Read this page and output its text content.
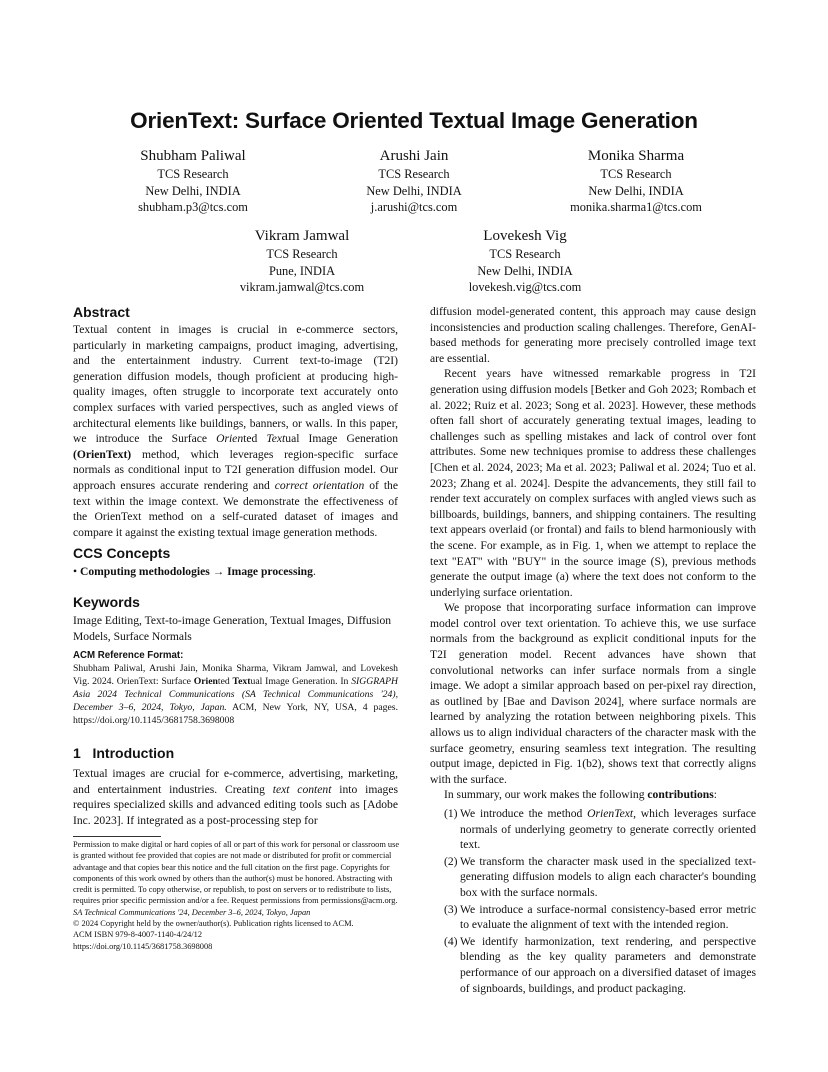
OrienText: Surface Oriented Textual Image Generation
Shubham Paliwal
TCS Research
New Delhi, INDIA
shubham.p3@tcs.com
Arushi Jain
TCS Research
New Delhi, INDIA
j.arushi@tcs.com
Monika Sharma
TCS Research
New Delhi, INDIA
monika.sharma1@tcs.com
Vikram Jamwal
TCS Research
Pune, INDIA
vikram.jamwal@tcs.com
Lovekesh Vig
TCS Research
New Delhi, INDIA
lovekesh.vig@tcs.com
Abstract

Textual content in images is crucial in e-commerce sectors, particularly in marketing campaigns, product imaging, advertising, and the entertainment industry. Current text-to-image (T2I) generation diffusion models, though proficient at producing high-quality images, often struggle to incorporate text accurately onto complex surfaces with varied perspectives, such as angled views of architectural elements like buildings, banners, or walls. In this paper, we introduce the Surface Oriented Textual Image Generation (OrienText) method, which leverages region-specific surface normals as conditional input to T2I generation diffusion model. Our approach ensures accurate rendering and correct orientation of the text within the image context. We demonstrate the effectiveness of the OrienText method on a self-curated dataset of images and compare it against the existing textual image generation methods.

CCS Concepts

• Computing methodologies → Image processing.

Keywords
Image Editing, Text-to-image Generation, Textual Images, Diffusion Models, Surface Normals

ACM Reference Format:

Shubham Paliwal, Arushi Jain, Monika Sharma, Vikram Jamwal, and Lovekesh Vig. 2024. OrienText: Surface Oriented Textual Image Generation. In SIGGRAPH Asia 2024 Technical Communications (SA Technical Communications '24), December 3–6, 2024, Tokyo, Japan. ACM, New York, NY, USA, 4 pages. https://doi.org/10.1145/3681758.3698008

1 Introduction

Textual images are crucial for e-commerce, advertising, marketing, and entertainment industries. Creating text content into images requires specialized skills and advanced editing tools such as [Adobe Inc. 2023]. If integrated as a post-processing step for

Permission to make digital or hard copies of all or part of this work for personal or classroom use is granted without fee provided that copies are not made or distributed for profit or commercial advantage and that copies bear this notice and the full citation on the first page. Copyrights for components of this work owned by others than the author(s) must be honored. Abstracting with credit is permitted. To copy otherwise, or republish, to post on servers or to redistribute to lists, requires prior specific permission and/or a fee. Request permissions from permissions@acm.org.
SA Technical Communications '24, December 3–6, 2024, Tokyo, Japan
© 2024 Copyright held by the owner/author(s). Publication rights licensed to ACM.
ACM ISBN 979-8-4007-1140-4/24/12
https://doi.org/10.1145/3681758.3698008

diffusion model-generated content, this approach may cause design inconsistencies and production scaling challenges. Therefore, GenAI-based methods for generating more precisely controlled image text are essential.

Recent years have witnessed remarkable progress in T2I generation using diffusion models [Betker and Goh 2023; Rombach et al. 2022; Ruiz et al. 2023; Song et al. 2023]. However, these methods often fall short of accurately generating textual images, leading to challenges such as spelling mistakes and lack of control over font attributes. Some new techniques promise to address these challenges [Chen et al. 2024, 2023; Ma et al. 2023; Paliwal et al. 2024; Tuo et al. 2023; Zhang et al. 2024]. Despite the advancements, they still fail to render text accurately on complex surfaces with angled views such as billboards, buildings, banners, and shipping containers. The resulting text appears overlaid (or frontal) and fails to blend harmoniously with the scene. For example, as in Fig. 1, when we attempt to replace the text "EAT" with "BUY" in the source image (S), previous methods generate the output image (a) where the text does not conform to the underlying surface orientation.

We propose that incorporating surface information can improve model control over text orientation. To achieve this, we use surface normals from the background as explicit conditional inputs for the T2I generation model. Recent advances have shown that convolutional networks can infer surface normals from a single image. We adopt a similar approach based on per-pixel ray direction, as outlined by [Bae and Davison 2024], where surface normals are learned by analyzing the rotation between neighboring pixels. This allows us to align individual characters of the character mask with the surface geometry, ensuring seamless text integration. The resulting output image, depicted in Fig. 1(b2), shows text that correctly aligns with the surface.

In summary, our work makes the following contributions:

(1) We introduce the method OrienText, which leverages surface normals of underlying geometry to generate correctly oriented text.
(2) We transform the character mask used in the specialized text-generating diffusion models to align each character's bounding box with the surface normals.
(3) We introduce a surface-normal consistency-based error metric to evaluate the alignment of text with the intended region.
(4) We identify harmonization, text rendering, and perspective blending as the key quality parameters and demonstrate performance of our approach on a diversified dataset of images of signboards, buildings, and product packaging.
